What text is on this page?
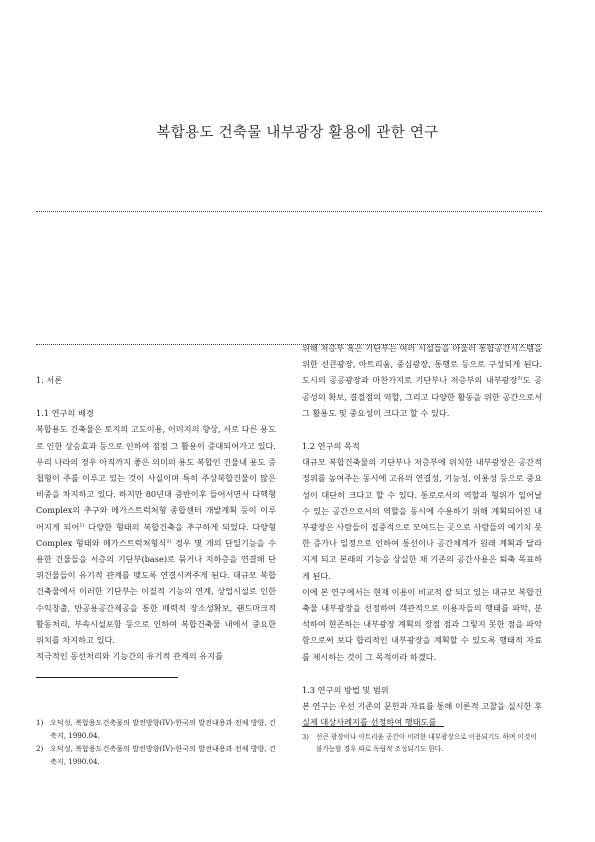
복합용도 건축물 내부광장 활용에 관한 연구

1. 서론

1.1 연구의 배경

복합용도 건축물은 토지의 고도이용, 이미지의 향상, 서로 다른 용도로 인한 상승효과 등으로 인하여 점점 그 활용이 증대되어가고 있다. 우리 나라의 경우 아직까지 좋은 의미의 용도 복합인 건물내 용도 증첩형이 주를 이루고 있는 것이 사실이며 특히 주상복합건물이 많은 비중을 차지하고 있다. 하지만 80년대 중반이후 들어서면서 다핵형 Complex의 추구와 메가스트럭쳐형 종합센터 개발계획 등이 이루어지게 되어$^{1)}$ 다양한 형태의 복합건축을 추구하게 되었다. 다양형 Complex 형태와 메가스트럭쳐형식$^{2)}$ 경우 몇 개의 단일기능을 수용한 건물들을 서층의 기단부(base)로 묶거나 지하층을 연결해 단위건물들이 유기적 관계를 맺도록 연결시켜주게 된다. 대규모 복합건축물에서 이러한 기단부는 이질적 기능의 연계, 상업시설로 인한 수익창출, 반공용공간제공을 통한 매력적 장소성확보, 랜드마크적 활동처리, 부속시설포함 등으로 인하여 복합건축물 내에서 중요한 위치를 차지하고 있다.

적극적인 동선처리와 기능간의 유기적 관계의 유지를

위해 저층부 혹은 기단부는 여러 시설들을 아울러 통합공간시스템을 위한 선큰광장, 아트리움, 중심광장, 통행로 등으로 구성되게 된다. 도시의 공공광장과 마찬가지로 기단부나 저층부의 내부광장$^{3)}$도 공공성의 확보, 결절점의 역할, 그리고 다양한 활동을 위한 공간으로서 그 활용도 및 중요성이 크다고 할 수 있다.

1.2 연구의 목적

대규모 복합건축물의 기단부나 저층부에 위치한 내부광장은 공간적 정위를 높여주는 동시에 고유의 연결성, 기능성, 이용성 등으로 중요성이 대단히 크다고 할 수 있다. 통로로서의 역할과 형위가 일어날 수 있는 공간으로서의 역할을 동시에 수용하기 위해 계획되어진 내부광장은 사람들이 집중적으로 모여드는 곳으로 사람들의 예기치 못한 증가나 일정으로 인하여 통선이나 공간체계가 원래 계획과 달라지게 되고 본래의 기능을 상실한 채 기존의 공간사용은 퇴축 목표하게 된다.

이에 본 연구에서는 현재 이용이 비교적 잘 되고 있는 대규모 복합건축물 내부광장을 선정하여 객관적으로 이용자들의 행태를 파악, 분석하여 현존하는 내부광장 계획의 장점 점과 그렇지 못한 점을 파악함으로써 보다 합리적인 내부광장을 계획할 수 있도록 행태적 자료를 제시하는 것이 그 목적이라 하겠다.

1.3 연구의 방법 및 범위

본 연구는 우선 기존의 문헌과 자료를 통해 이론적 고찰을 실시한 후 실제 대상사례지를 선정하여 행태도를

1) 오덕성, 복합용도건축물의 발전방향(IV)-한국의 발전내용과 전체 방향, 건축지, 1990.04.
2) 오덕성, 복합용도건축물의 발전방향(IV)-한국의 발전내용과 전체 방향, 건축지, 1990.04.
3)	선큰 광장이나 아트리움 공간이 이러한 내부광장으로 이용되기도 하며 이것이 불가능할 경우 따로 독립적 조성되기도 한다.
